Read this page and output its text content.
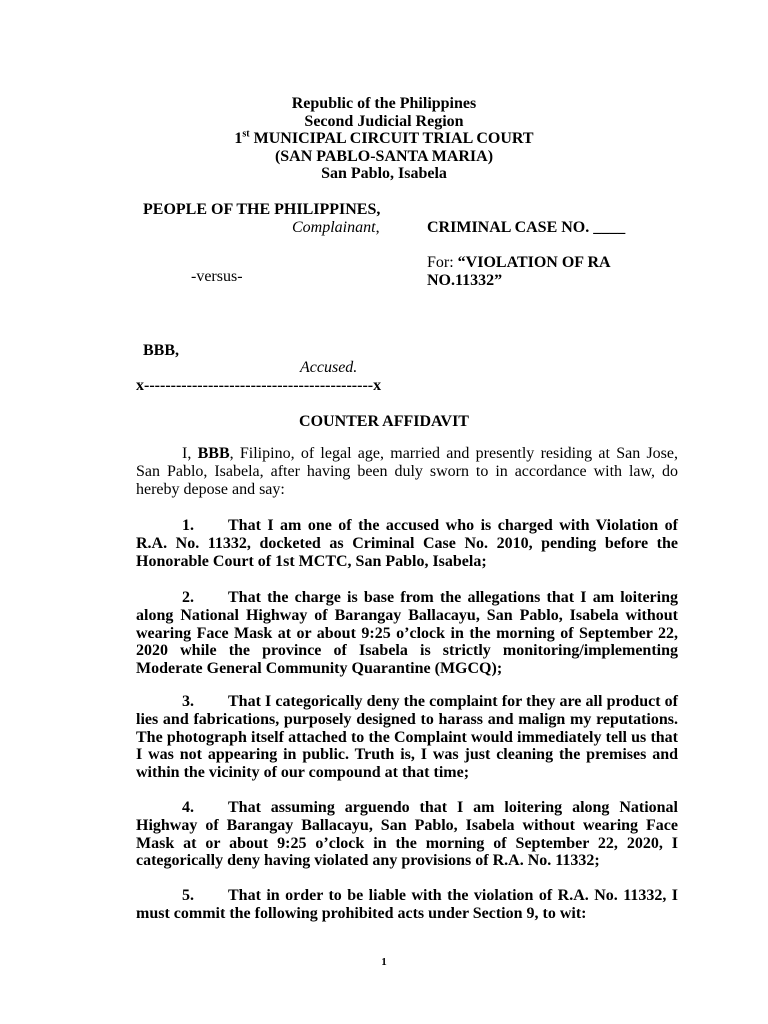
Republic of the Philippines
Second Judicial Region
1st MUNICIPAL CIRCUIT TRIAL COURT
(SAN PABLO-SANTA MARIA)
San Pablo, Isabela
PEOPLE OF THE PHILIPPINES,
Complainant,	CRIMINAL CASE NO. ____
For: “VIOLATION OF RA
NO.11332”
-versus-
BBB,
Accused.
x-------------------------------------------x
COUNTER AFFIDAVIT
I, BBB, Filipino, of legal age, married and presently residing at San Jose, San Pablo, Isabela, after having been duly sworn to in accordance with law, do hereby depose and say:
1. That I am one of the accused who is charged with Violation of R.A. No. 11332, docketed as Criminal Case No. 2010, pending before the Honorable Court of 1st MCTC, San Pablo, Isabela;
2. That the charge is base from the allegations that I am loitering along National Highway of Barangay Ballacayu, San Pablo, Isabela without wearing Face Mask at or about 9:25 o’clock in the morning of September 22, 2020 while the province of Isabela is strictly monitoring/implementing Moderate General Community Quarantine (MGCQ);
3. That I categorically deny the complaint for they are all product of lies and fabrications, purposely designed to harass and malign my reputations. The photograph itself attached to the Complaint would immediately tell us that I was not appearing in public. Truth is, I was just cleaning the premises and within the vicinity of our compound at that time;
4. That assuming arguendo that I am loitering along National Highway of Barangay Ballacayu, San Pablo, Isabela without wearing Face Mask at or about 9:25 o’clock in the morning of September 22, 2020, I categorically deny having violated any provisions of R.A. No. 11332;
5. That in order to be liable with the violation of R.A. No. 11332, I must commit the following prohibited acts under Section 9, to wit:
1
